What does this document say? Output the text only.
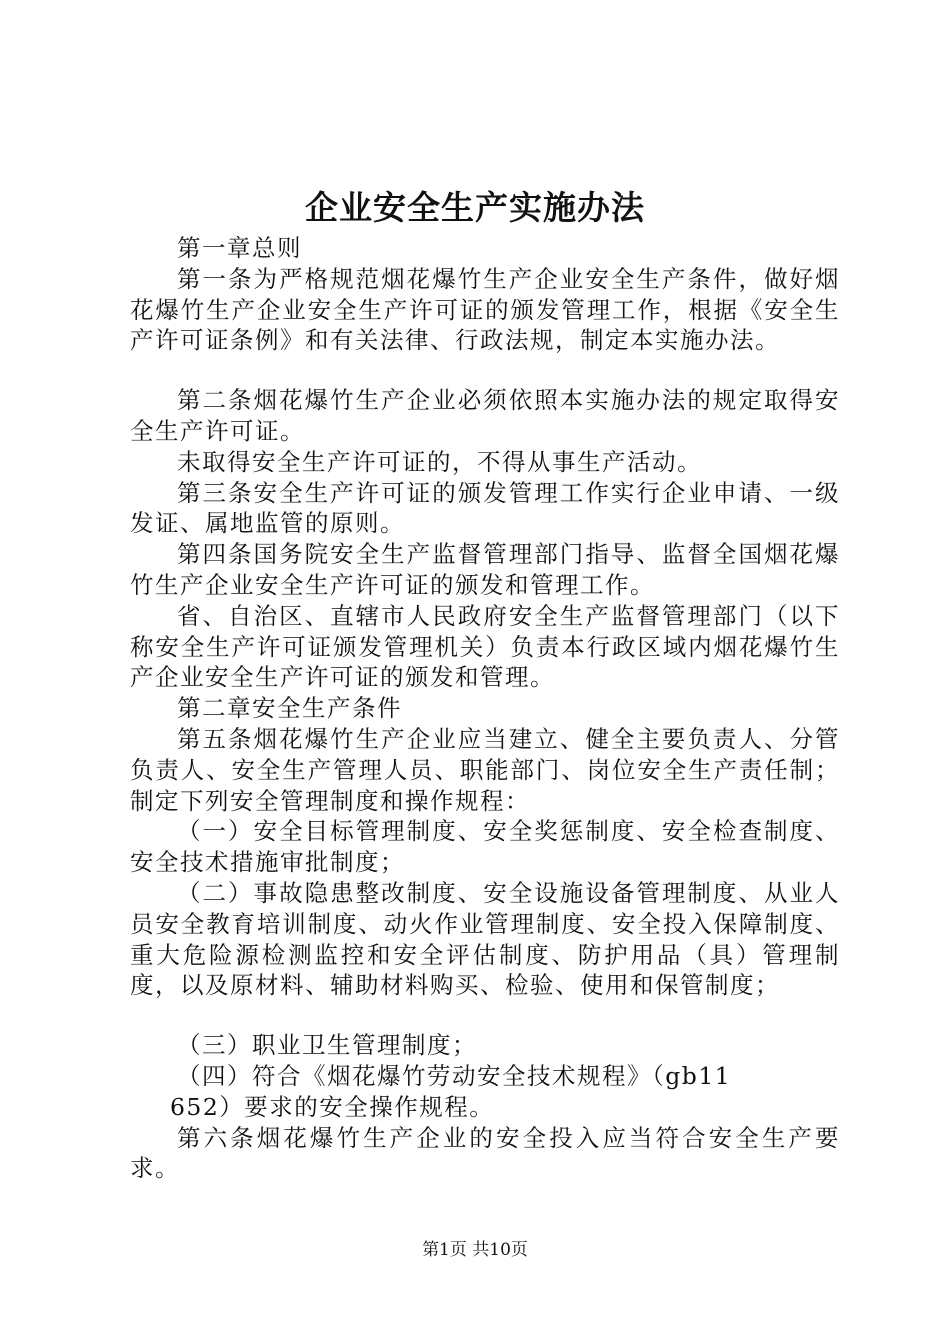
企业安全生产实施办法

第一章总则

第一条为严格规范烟花爆竹生产企业安全生产条件，做好烟花爆竹生产企业安全生产许可证的颁发管理工作，根据《安全生产许可证条例》和有关法律、行政法规，制定本实施办法。

第二条烟花爆竹生产企业必须依照本实施办法的规定取得安全生产许可证。

未取得安全生产许可证的，不得从事生产活动。

第三条安全生产许可证的颁发管理工作实行企业申请、一级发证、属地监管的原则。

第四条国务院安全生产监督管理部门指导、监督全国烟花爆竹生产企业安全生产许可证的颁发和管理工作。

省、自治区、直辖市人民政府安全生产监督管理部门（以下称安全生产许可证颁发管理机关）负责本行政区域内烟花爆竹生产企业安全生产许可证的颁发和管理。

第二章安全生产条件

第五条烟花爆竹生产企业应当建立、健全主要负责人、分管负责人、安全生产管理人员、职能部门、岗位安全生产责任制；制定下列安全管理制度和操作规程：

（一）安全目标管理制度、安全奖惩制度、安全检查制度、安全技术措施审批制度；

（二）事故隐患整改制度、安全设施设备管理制度、从业人员安全教育培训制度、动火作业管理制度、安全投入保障制度、重大危险源检测监控和安全评估制度、防护用品（具）管理制度，以及原材料、辅助材料购买、检验、使用和保管制度；

（三）职业卫生管理制度；

（四）符合《烟花爆竹劳动安全技术规程》（gb11

652）要求的安全操作规程。

第六条烟花爆竹生产企业的安全投入应当符合安全生产要求。

第1页 共10页
